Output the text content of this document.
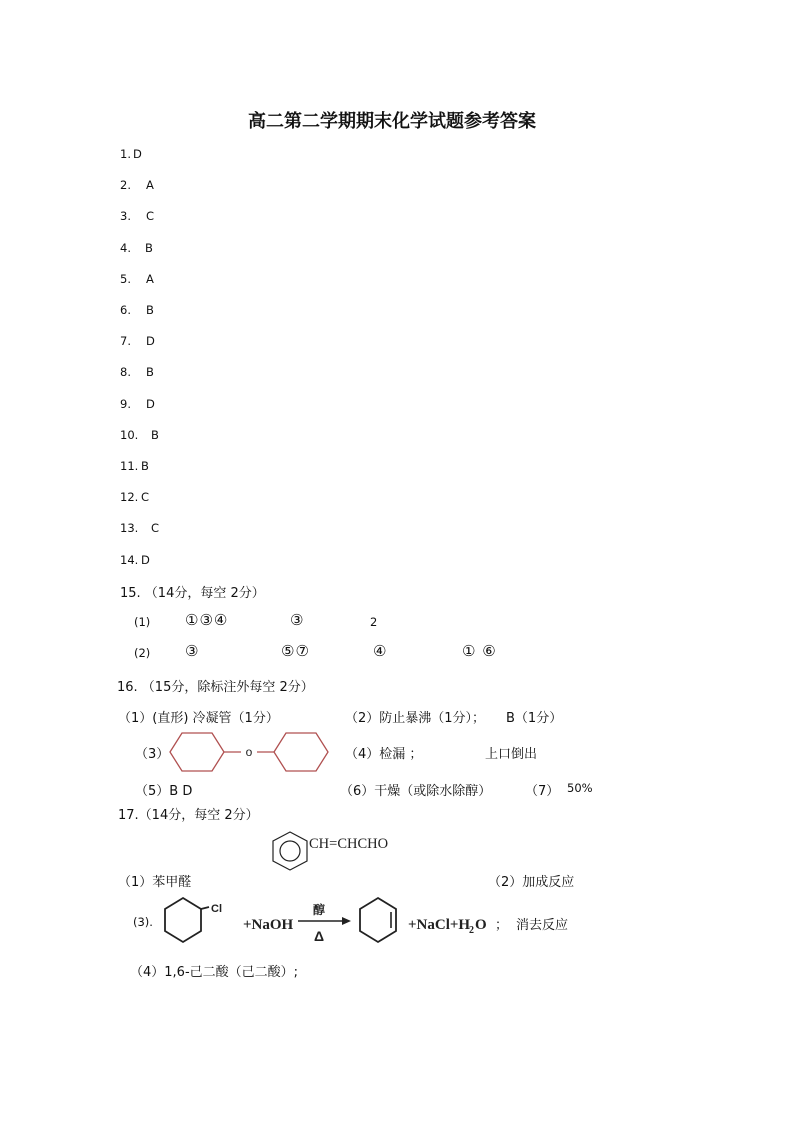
高二第二学期期末化学试题参考答案
1. D
2. A
3. C
4. B
5. A
6. B
7. D
8. B
9. D
10. B
11. B
12. C
13. C
14. D
15. （14分，每空 2分）
(1) ①③④	③	2
(2) ③	⑤⑦	④	① ⑥
16. （15分，除标注外每空 2分）
（1）(直形) 冷凝管（1分）	（2）防止暴沸（1分）； B（1分）
（3）	o	（4）检漏 ；	上口倒出
（5）B D	（6）干燥（或除水除醇）	（7） 50%
17.（14分，每空 2分）
CH=CHCHO
（1）苯甲醛	（2）加成反应
(3).
Cl
+NaOH
醇
Δ
+NaCl+H
2 O ； 消去反应
（4）1,6-己二酸（己二酸）;
